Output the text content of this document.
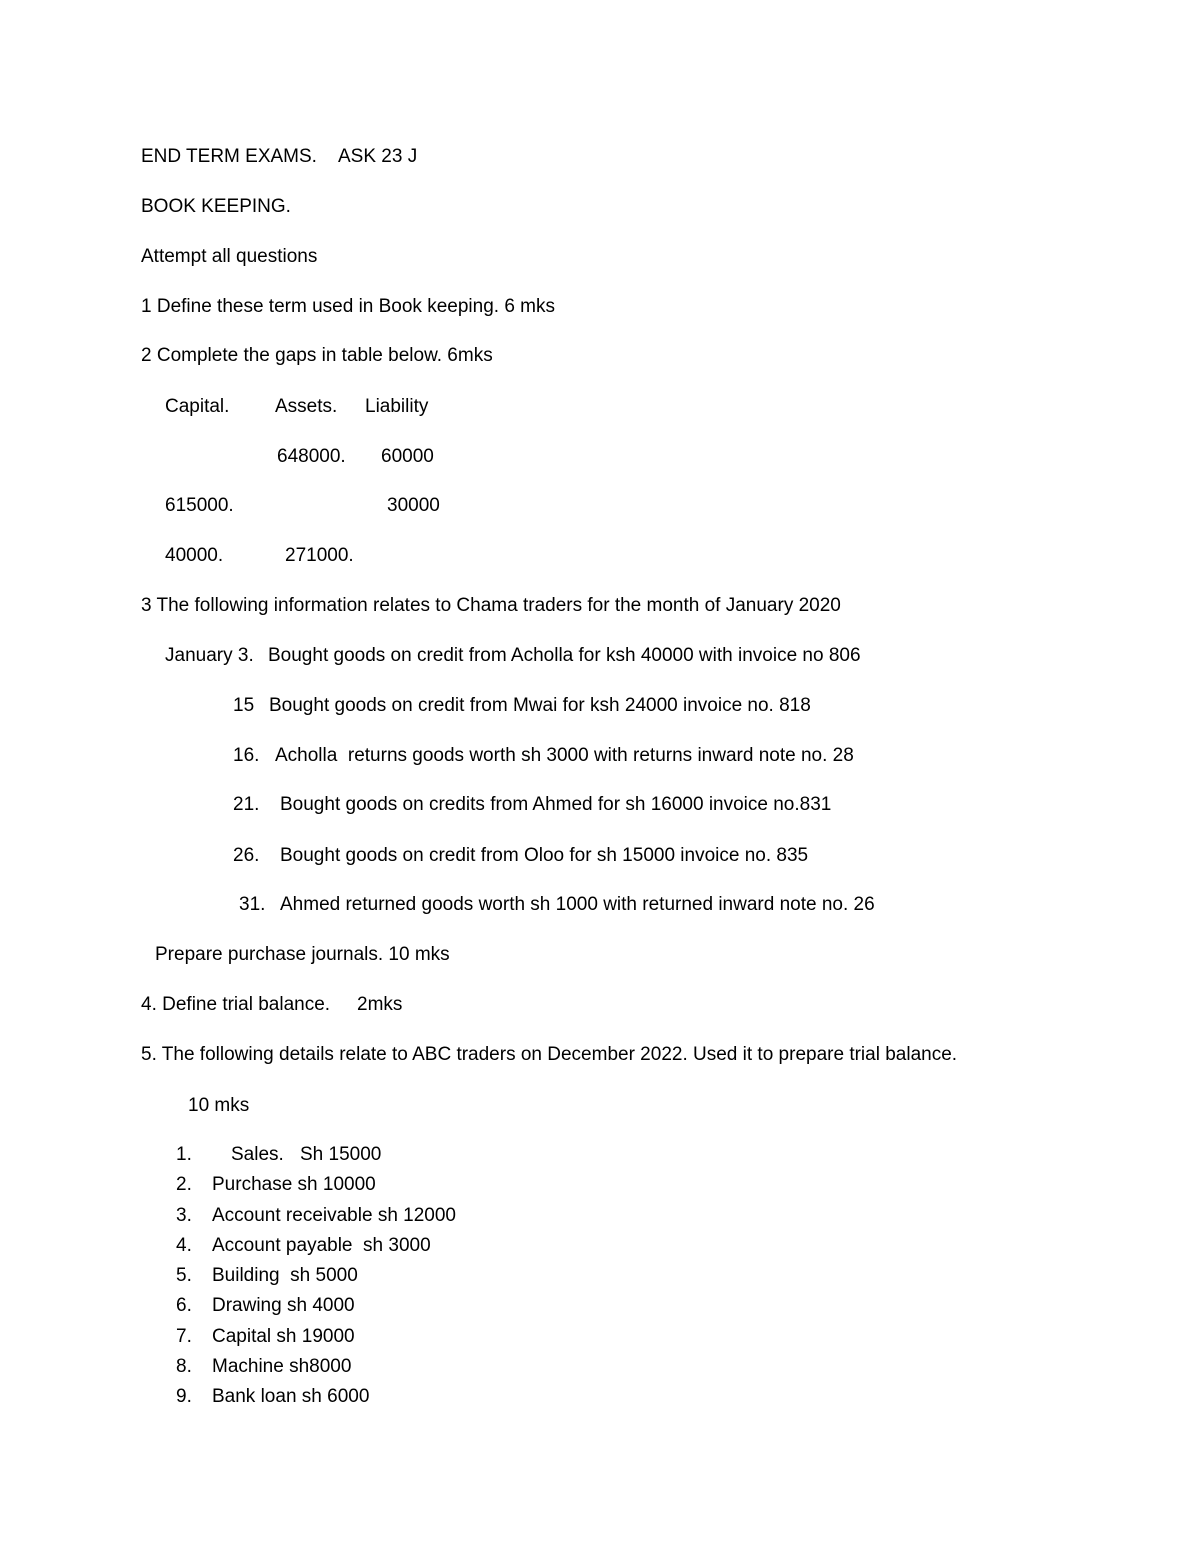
END TERM EXAMS. ASK 23 J
BOOK KEEPING.
Attempt all questions
1 Define these term used in Book keeping. 6 mks
2 Complete the gaps in table below. 6mks
Capital. Assets. Liability
648000. 60000
615000.	30000
40000.	271000.
3 The following information relates to Chama traders for the month of January 2020
January 3. Bought goods on credit from Acholla for ksh 40000 with invoice no 806
15 Bought goods on credit from Mwai for ksh 24000 invoice no. 818
16. Acholla  returns goods worth sh 3000 with returns inward note no. 28
21. Bought goods on credits from Ahmed for sh 16000 invoice no.831
26. Bought goods on credit from Oloo for sh 15000 invoice no. 835
31. Ahmed returned goods worth sh 1000 with returned inward note no. 26
Prepare purchase journals. 10 mks
4. Define trial balance. 2mks
5. The following details relate to ABC traders on December 2022. Used it to prepare trial balance.
10 mks
1. Sales. Sh 15000
2. Purchase sh 10000
3. Account receivable sh 12000
4. Account payable  sh 3000
5. Building  sh 5000
6. Drawing sh 4000
7. Capital sh 19000
8. Machine sh8000
9. Bank loan sh 6000
